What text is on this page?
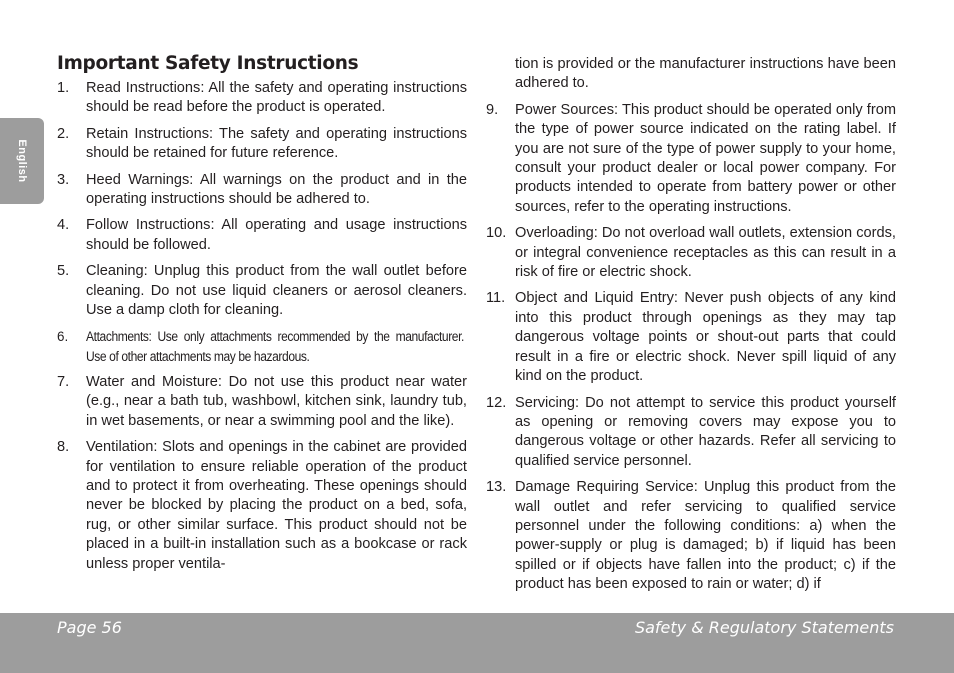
English
Important Safety Instructions
1.	Read Instructions: All the safety and operating instructions should be read before the product is operated.
2.	Retain Instructions: The safety and operating instructions should be retained for future reference.
3.	Heed Warnings: All warnings on the product and in the operating instructions should be adhered to.
4.	Follow Instructions: All operating and usage instructions should be followed.
5.	Cleaning: Unplug this product from the wall outlet before cleaning. Do not use liquid cleaners or aerosol cleaners. Use a damp cloth for cleaning.
6.	Attachments: Use only attachments recommended by the manufacturer. Use of other attachments may be hazardous.
7.	Water and Moisture: Do not use this product near water (e.g., near a bath tub, washbowl, kitchen sink, laundry tub, in wet basements, or near a swimming pool and the like).
8.	Ventilation: Slots and openings in the cabinet are provided for ventilation to ensure reliable operation of the product and to protect it from overheating. These openings should never be blocked by placing the product on a bed, sofa, rug, or other similar surface. This product should not be placed in a built-in installation such as a bookcase or rack unless proper ventila-
tion is provided or the manufacturer instructions have been adhered to.
9.	Power Sources: This product should be operated only from the type of power source indicated on the rating label. If you are not sure of the type of power supply to your home, consult your product dealer or local power company. For products intended to operate from battery power or other sources, refer to the operating instructions.
10. Overloading: Do not overload wall outlets, extension cords, or integral convenience receptacles as this can result in a risk of fire or electric shock.
11. Object and Liquid Entry: Never push objects of any kind into this product through openings as they may tap dangerous voltage points or shout-out parts that could result in a fire or electric shock. Never spill liquid of any kind on the product.
12. Servicing: Do not attempt to service this product yourself as opening or removing covers may expose you to dangerous voltage or other hazards. Refer all servicing to qualified service personnel.
13. Damage Requiring Service: Unplug this product from the wall outlet and refer servicing to qualified service personnel under the following conditions: a) when the power-supply or plug is damaged; b) if liquid has been spilled or if objects have fallen into the product; c) if the product has been exposed to rain or water; d) if
Page 56	Safety & Regulatory Statements
